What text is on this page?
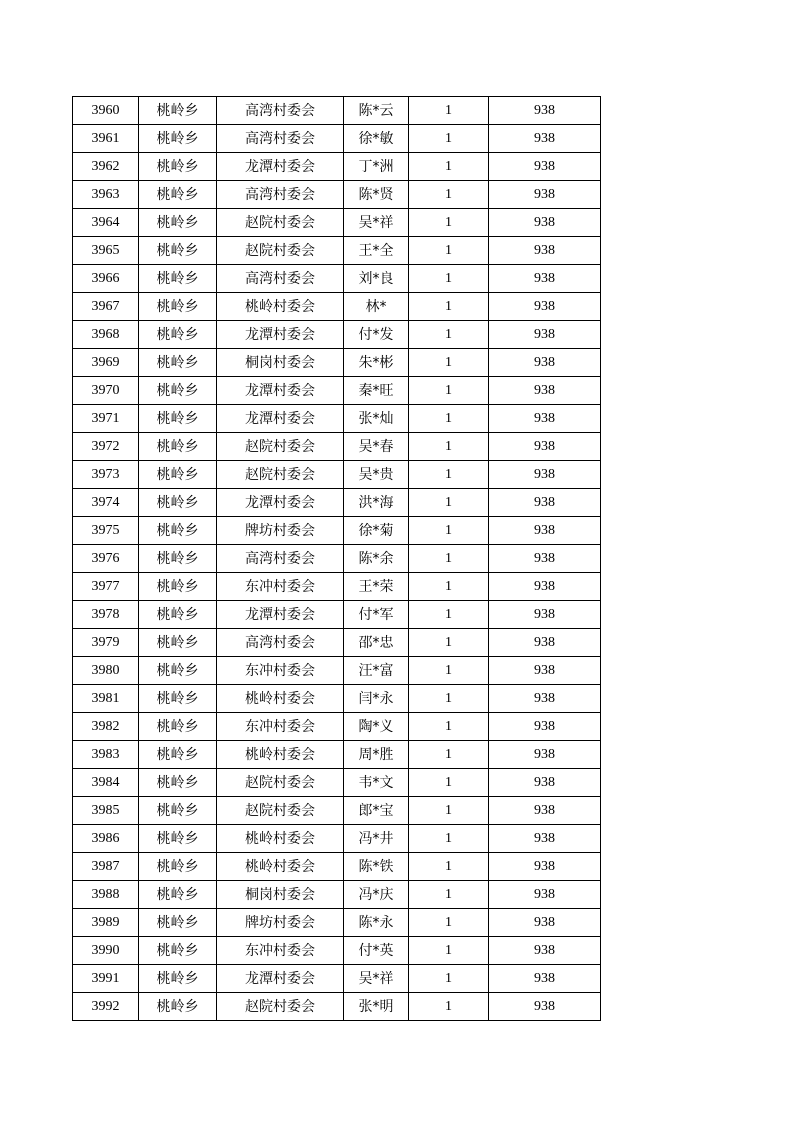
3960	桃岭乡	高湾村委会	陈*云	1	938
3961	桃岭乡	高湾村委会	徐*敏	1	938
3962	桃岭乡	龙潭村委会	丁*洲	1	938
3963	桃岭乡	高湾村委会	陈*贤	1	938
3964	桃岭乡	赵院村委会	吴*祥	1	938
3965	桃岭乡	赵院村委会	王*全	1	938
3966	桃岭乡	高湾村委会	刘*良	1	938
3967	桃岭乡	桃岭村委会	林*	1	938
3968	桃岭乡	龙潭村委会	付*发	1	938
3969	桃岭乡	桐岗村委会	朱*彬	1	938
3970	桃岭乡	龙潭村委会	秦*旺	1	938
3971	桃岭乡	龙潭村委会	张*灿	1	938
3972	桃岭乡	赵院村委会	吴*春	1	938
3973	桃岭乡	赵院村委会	吴*贵	1	938
3974	桃岭乡	龙潭村委会	洪*海	1	938
3975	桃岭乡	牌坊村委会	徐*菊	1	938
3976	桃岭乡	高湾村委会	陈*余	1	938
3977	桃岭乡	东冲村委会	王*荣	1	938
3978	桃岭乡	龙潭村委会	付*军	1	938
3979	桃岭乡	高湾村委会	邵*忠	1	938
3980	桃岭乡	东冲村委会	汪*富	1	938
3981	桃岭乡	桃岭村委会	闫*永	1	938
3982	桃岭乡	东冲村委会	陶*义	1	938
3983	桃岭乡	桃岭村委会	周*胜	1	938
3984	桃岭乡	赵院村委会	韦*文	1	938
3985	桃岭乡	赵院村委会	郎*宝	1	938
3986	桃岭乡	桃岭村委会	冯*井	1	938
3987	桃岭乡	桃岭村委会	陈*铁	1	938
3988	桃岭乡	桐岗村委会	冯*庆	1	938
3989	桃岭乡	牌坊村委会	陈*永	1	938
3990	桃岭乡	东冲村委会	付*英	1	938
3991	桃岭乡	龙潭村委会	吴*祥	1	938
3992	桃岭乡	赵院村委会	张*明	1	938
